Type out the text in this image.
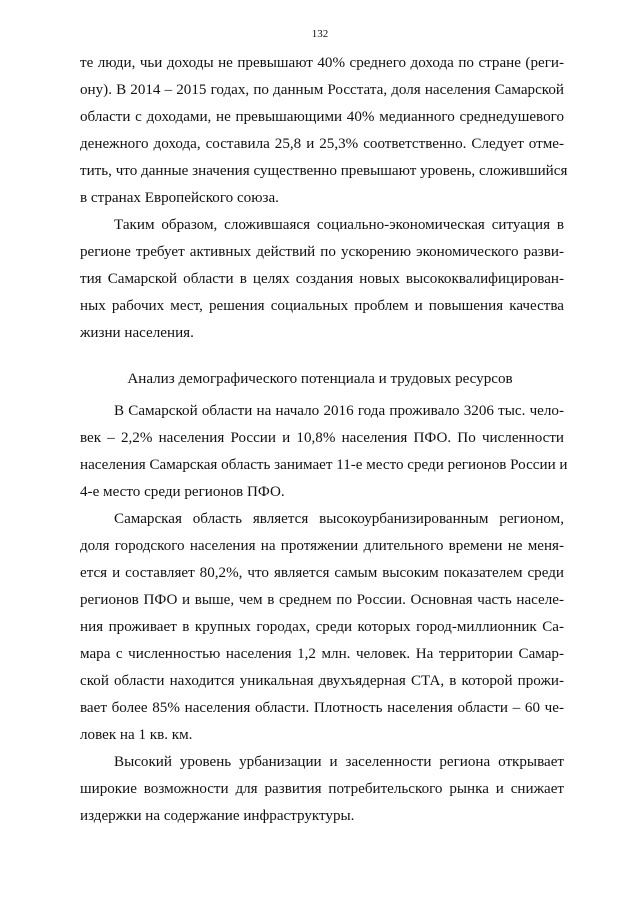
132
те люди, чьи доходы не превышают 40% среднего дохода по стране (реги-
ону). В 2014 – 2015 годах, по данным Росстата, доля населения Самарской
области с доходами, не превышающими 40% медианного среднедушевого
денежного дохода, составила 25,8 и 25,3% соответственно. Следует отме-
тить, что данные значения существенно превышают уровень, сложившийся
в странах Европейского союза.
Таким образом, сложившаяся социально-экономическая ситуация в
регионе требует активных действий по ускорению экономического разви-
тия Самарской области в целях создания новых высококвалифицирован-
ных рабочих мест, решения социальных проблем и повышения качества
жизни населения.
Анализ демографического потенциала и трудовых ресурсов
В Самарской области на начало 2016 года проживало 3206 тыс. чело-
век – 2,2% населения России и 10,8% населения ПФО. По численности
населения Самарская область занимает 11-е место среди регионов России и
4-е место среди регионов ПФО.
Самарская область является высокоурбанизированным регионом,
доля городского населения на протяжении длительного времени не меня-
ется и составляет 80,2%, что является самым высоким показателем среди
регионов ПФО и выше, чем в среднем по России. Основная часть населе-
ния проживает в крупных городах, среди которых город-миллионник Са-
мара с численностью населения 1,2 млн. человек. На территории Самар-
ской области находится уникальная двухъядерная СТА, в которой прожи-
вает более 85% населения области. Плотность населения области – 60 че-
ловек на 1 кв. км.
Высокий уровень урбанизации и заселенности региона открывает
широкие возможности для развития потребительского рынка и снижает
издержки на содержание инфраструктуры.
